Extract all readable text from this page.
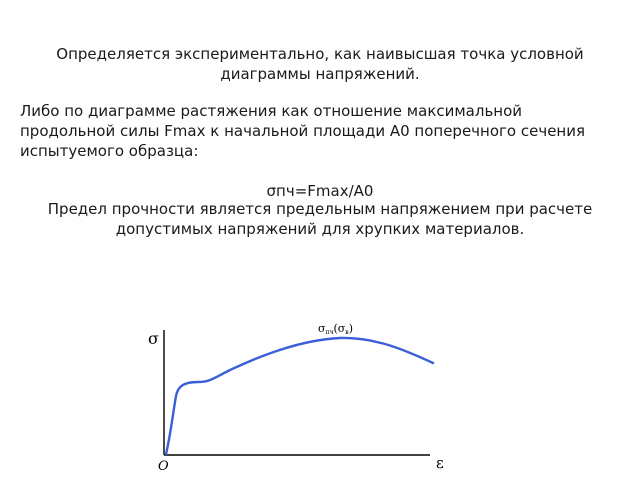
Определяется экспериментально, как наивысшая точка условной диаграммы напряжений.

Либо по диаграмме растяжения как отношение максимальной продольной силы Fmax к начальной площади А0 поперечного сечения испытуемого образца:

σпч=Fmax/A0

Предел прочности является предельным напряжением при расчете допустимых напряжений для хрупких материалов.

σ
ε
O
σпч(σв)
